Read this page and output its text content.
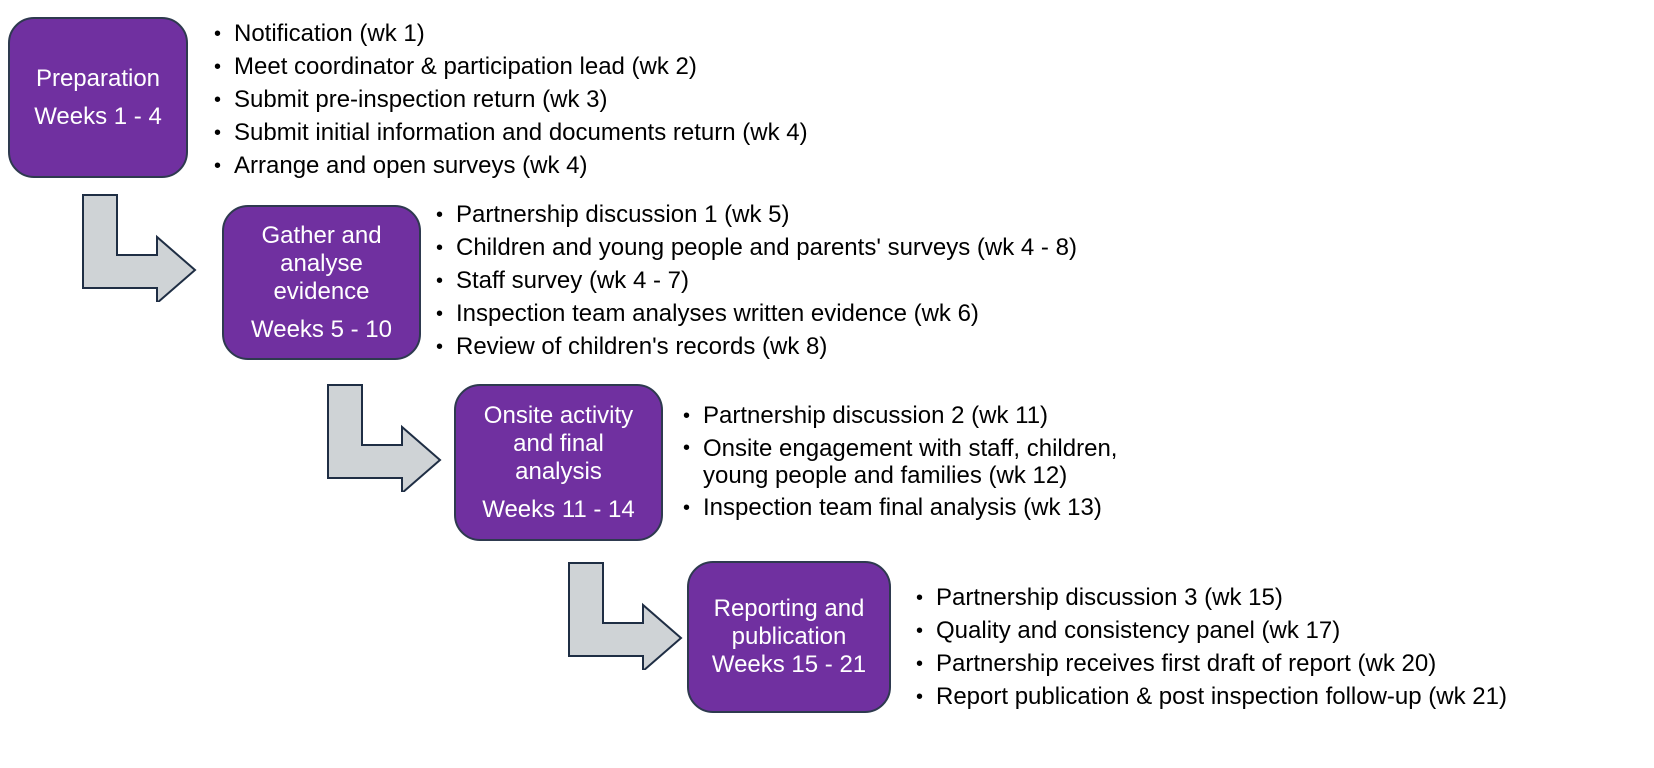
Preparation
Weeks 1 - 4
• Notification (wk 1)
• Meet coordinator & participation lead (wk 2)
• Submit pre-inspection return (wk 3)
• Submit initial information and documents return (wk 4)
• Arrange and open surveys (wk 4)
Gather and
analyse
evidence
Weeks 5 - 10
• Partnership discussion 1 (wk 5)
• Children and young people and parents' surveys (wk 4 - 8)
• Staff survey (wk 4 - 7)
• Inspection team analyses written evidence (wk 6)
• Review of children's records (wk 8)
Onsite activity
and final
analysis
Weeks 11 - 14
• Partnership discussion 2 (wk 11)
• Onsite engagement with staff, children,
young people and families (wk 12)
• Inspection team final analysis (wk 13)
Reporting and
publication
Weeks 15 - 21
• Partnership discussion 3 (wk 15)
• Quality and consistency panel (wk 17)
• Partnership receives first draft of report (wk 20)
• Report publication & post inspection follow-up (wk 21)
